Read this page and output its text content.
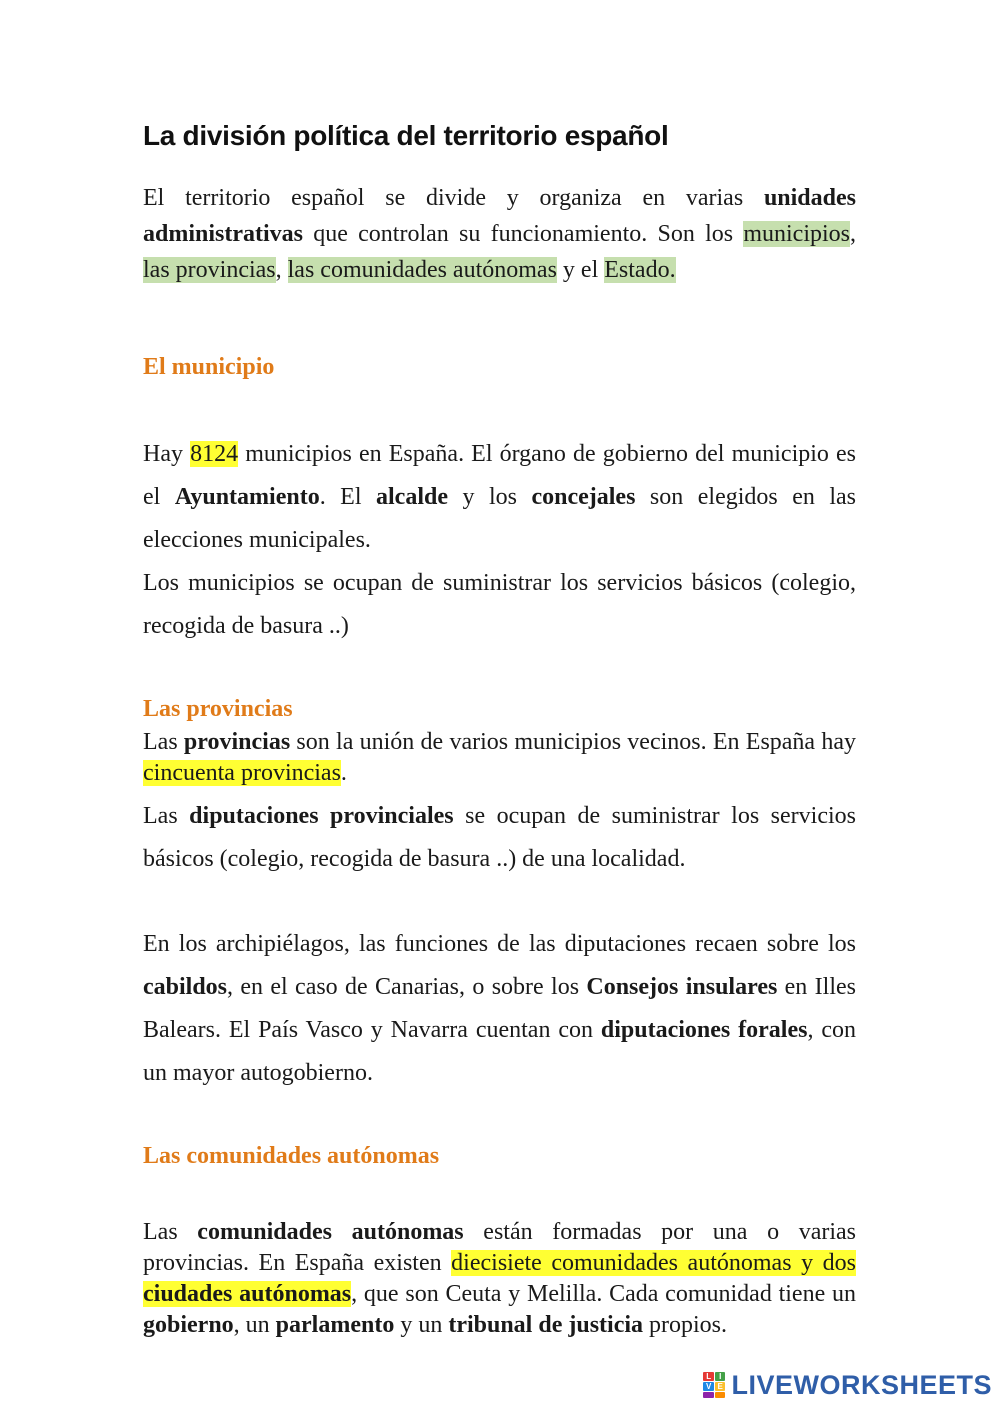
La división política del territorio español

El territorio español se divide y organiza en varias unidades administrativas que controlan su funcionamiento. Son los municipios, las provincias, las comunidades autónomas y el Estado.

El municipio

Hay 8124 municipios en España. El órgano de gobierno del municipio es el Ayuntamiento. El alcalde y los concejales son elegidos en las elecciones municipales.

Los municipios se ocupan de suministrar los servicios básicos (colegio, recogida de basura ..)

Las provincias

Las provincias son la unión de varios municipios vecinos. En España hay cincuenta provincias.

Las diputaciones provinciales se ocupan de suministrar los servicios básicos (colegio, recogida de basura ..) de una localidad.

En los archipiélagos, las funciones de las diputaciones recaen sobre los cabildos, en el caso de Canarias, o sobre los Consejos insulares en Illes Balears. El País Vasco y Navarra cuentan con diputaciones forales, con un mayor autogobierno.

Las comunidades autónomas

Las comunidades autónomas están formadas por una o varias provincias. En España existen diecisiete comunidades autónomas y dos ciudades autónomas, que son Ceuta y Melilla. Cada comunidad tiene un gobierno, un parlamento y un tribunal de justicia propios.

L I
V E LIVEWORKSHEETS
